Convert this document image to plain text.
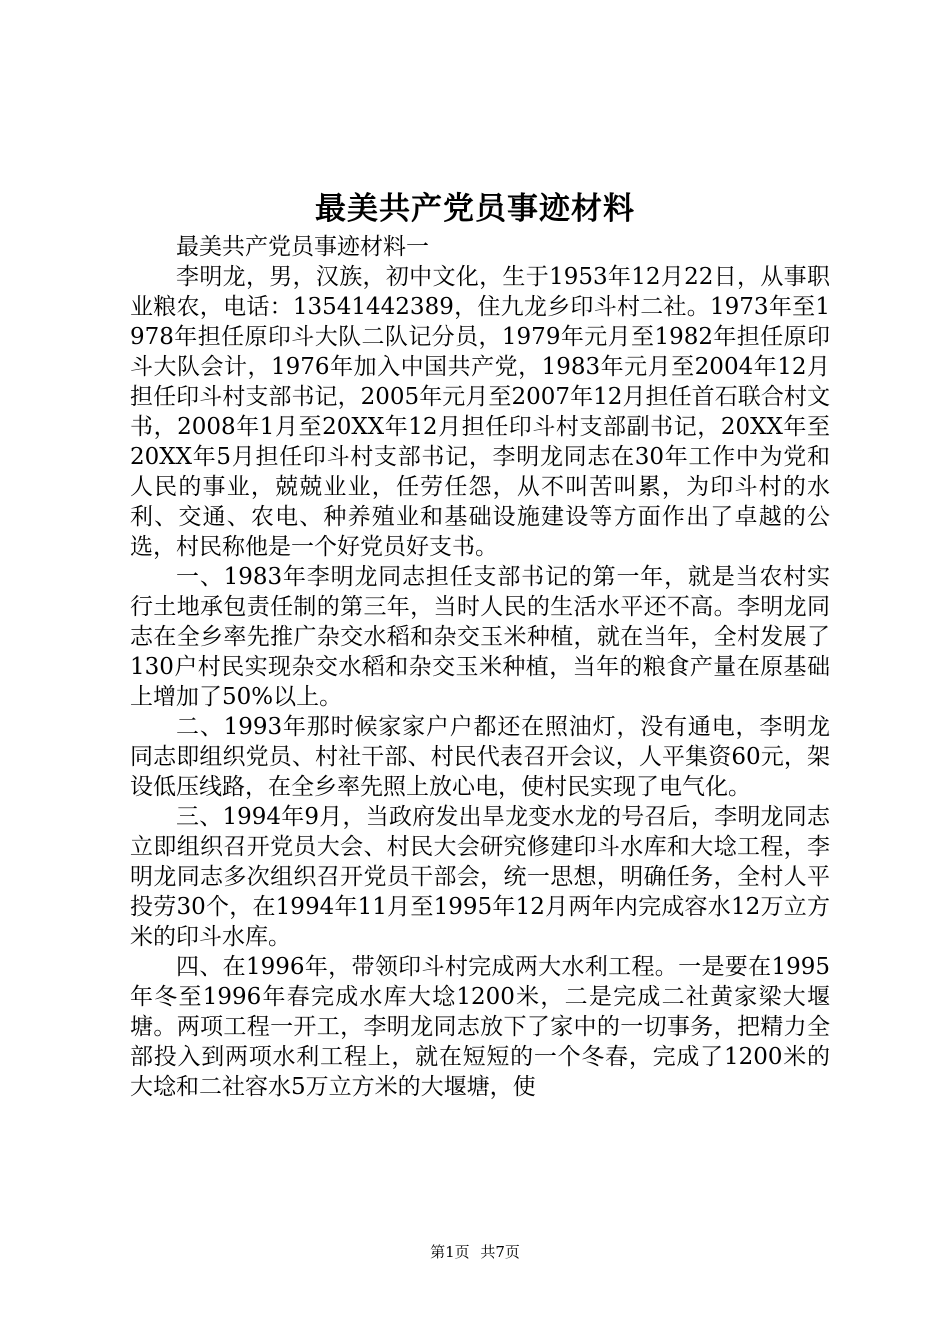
最美共产党员事迹材料

最美共产党员事迹材料一

李明龙，男，汉族，初中文化，生于1953年12月22日，从事职业粮农，电话：13541442389，住九龙乡印斗村二社。1973年至1978年担任原印斗大队二队记分员，1979年元月至1982年担任原印斗大队会计，1976年加入中国共产党，1983年元月至2004年12月担任印斗村支部书记，2005年元月至2007年12月担任首石联合村文书，2008年1月至20XX年12月担任印斗村支部副书记，20XX年至20XX年5月担任印斗村支部书记，李明龙同志在30年工作中为党和人民的事业，兢兢业业，任劳任怨，从不叫苦叫累，为印斗村的水利、交通、农电、种养殖业和基础设施建设等方面作出了卓越的公选，村民称他是一个好党员好支书。

一、1983年李明龙同志担任支部书记的第一年，就是当农村实行土地承包责任制的第三年，当时人民的生活水平还不高。李明龙同志在全乡率先推广杂交水稻和杂交玉米种植，就在当年，全村发展了130户村民实现杂交水稻和杂交玉米种植，当年的粮食产量在原基础上增加了50%以上。

二、1993年那时候家家户户都还在照油灯，没有通电，李明龙同志即组织党员、村社干部、村民代表召开会议，人平集资60元，架设低压线路，在全乡率先照上放心电，使村民实现了电气化。

三、1994年9月，当政府发出旱龙变水龙的号召后，李明龙同志立即组织召开党员大会、村民大会研究修建印斗水库和大埝工程，李明龙同志多次组织召开党员干部会，统一思想，明确任务，全村人平投劳30个，在1994年11月至1995年12月两年内完成容水12万立方米的印斗水库。

四、在1996年，带领印斗村完成两大水利工程。一是要在1995年冬至1996年春完成水库大埝1200米，二是完成二社黄家梁大堰塘。两项工程一开工，李明龙同志放下了家中的一切事务，把精力全部投入到两项水利工程上，就在短短的一个冬春，完成了1200米的大埝和二社容水5万立方米的大堰塘，使

第1页 共7页
